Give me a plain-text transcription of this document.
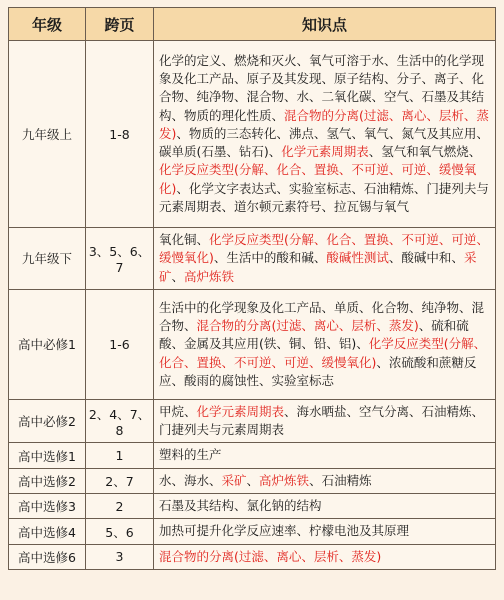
年级	跨页	知识点
九年级上	1-8	化学的定义、燃烧和灭火、氧气可溶于水、生活中的化学现象及化工产品、原子及其发现、原子结构、分子、离子、化合物、纯净物、混合物、水、二氧化碳、空气、石墨及其结构、物质的理化性质、混合物的分离(过滤、离心、层析、蒸发)、物质的三态转化、沸点、氢气、氧气、氮气及其应用、碳单质(石墨、钻石)、化学元素周期表、氢气和氧气燃烧、化学反应类型(分解、化合、置换、不可逆、可逆、缓慢氧化)、化学文字表达式、实验室标志、石油精炼、门捷列夫与元素周期表、道尔顿元素符号、拉瓦锡与氧气
九年级下	3、5、6、7	氧化铜、化学反应类型(分解、化合、置换、不可逆、可逆、缓慢氧化)、生活中的酸和碱、酸碱性测试、酸碱中和、采矿、高炉炼铁
高中必修1	1-6	生活中的化学现象及化工产品、单质、化合物、纯净物、混合物、混合物的分离(过滤、离心、层析、蒸发)、硫和硫酸、金属及其应用(铁、铜、铅、铝)、化学反应类型(分解、化合、置换、不可逆、可逆、缓慢氧化)、浓硫酸和蔗糖反应、酸雨的腐蚀性、实验室标志
高中必修2	2、4、7、8	甲烷、化学元素周期表、海水晒盐、空气分离、石油精炼、门捷列夫与元素周期表
高中选修1	1	塑料的生产
高中选修2	2、7	水、海水、采矿、高炉炼铁、石油精炼
高中选修3	2	石墨及其结构、氯化钠的结构
高中选修4	5、6	加热可提升化学反应速率、柠檬电池及其原理
高中选修6	3	混合物的分离(过滤、离心、层析、蒸发)
